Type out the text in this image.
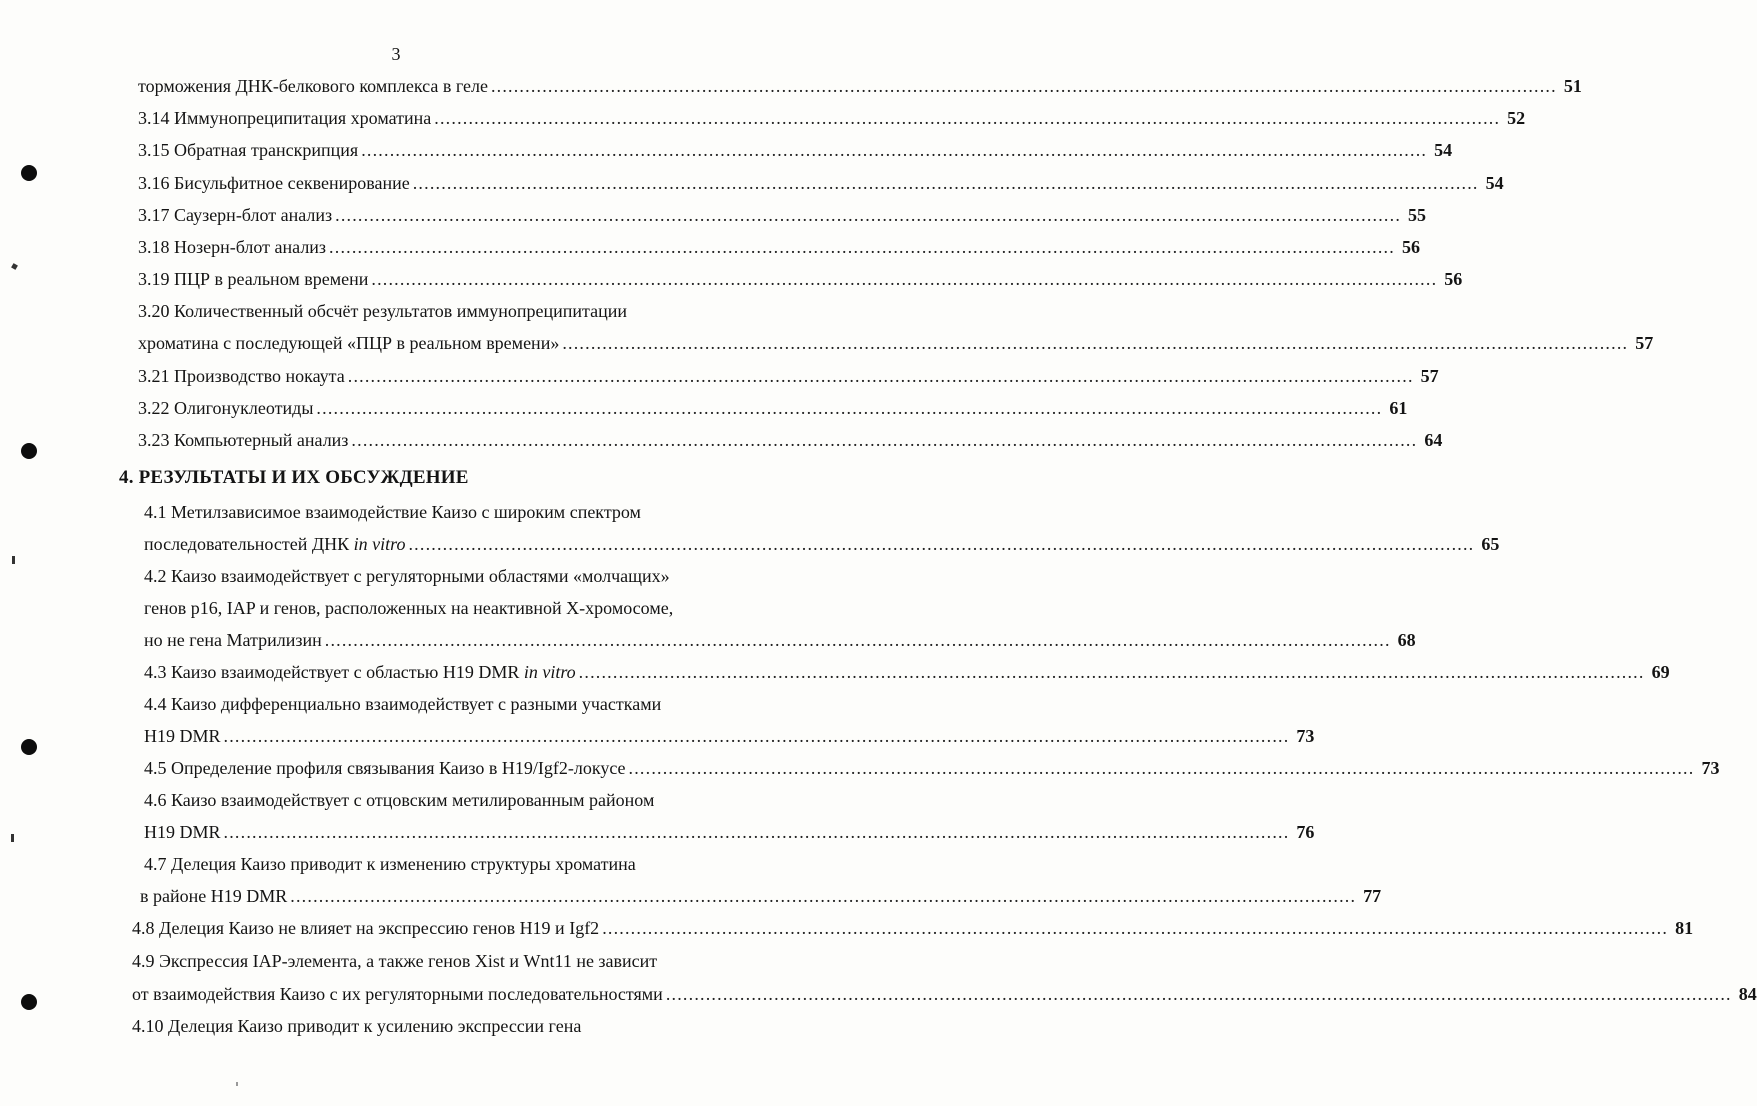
3
торможения ДНК-белкового комплекса в геле ........................................................................................................................................................................................... 51
3.14 Иммунопреципитация хроматина ........................................................................................................................................................................................... 52
3.15 Обратная транскрипция ........................................................................................................................................................................................... 54
3.16 Бисульфитное секвенирование ........................................................................................................................................................................................... 54
3.17 Саузерн-блот анализ ........................................................................................................................................................................................... 55
3.18 Нозерн-блот анализ ........................................................................................................................................................................................... 56
3.19 ПЦР в реальном времени ........................................................................................................................................................................................... 56
3.20 Количественный обсчёт результатов иммунопреципитации
хроматина с последующей «ПЦР в реальном времени» ........................................................................................................................................................................................... 57
3.21 Производство нокаута ........................................................................................................................................................................................... 57
3.22 Олигонуклеотиды ........................................................................................................................................................................................... 61
3.23 Компьютерный анализ ........................................................................................................................................................................................... 64
4. РЕЗУЛЬТАТЫ И ИХ ОБСУЖДЕНИЕ
4.1 Метилзависимое взаимодействие Каизо с широким спектром
последовательностей ДНК in vitro ........................................................................................................................................................................................... 65
4.2 Каизо взаимодействует с регуляторными областями «молчащих»
генов p16, IAP и генов, расположенных на неактивной Х-хромосоме,
но не гена Матрилизин ........................................................................................................................................................................................... 68
4.3 Каизо взаимодействует с областью H19 DMR in vitro ........................................................................................................................................................................................... 69
4.4 Каизо дифференциально взаимодействует с разными участками
H19 DMR ........................................................................................................................................................................................... 73
4.5 Определение профиля связывания Каизо в H19/Igf2-локусе ........................................................................................................................................................................................... 73
4.6 Каизо взаимодействует с отцовским метилированным районом
H19 DMR ........................................................................................................................................................................................... 76
4.7 Делеция Каизо приводит к изменению структуры хроматина
в районе H19 DMR ........................................................................................................................................................................................... 77
4.8 Делеция Каизо не влияет на экспрессию генов H19 и Igf2 ........................................................................................................................................................................................... 81
4.9 Экспрессия IAP-элемента, а также генов Xist и Wnt11 не зависит
от взаимодействия Каизо с их регуляторными последовательностями ........................................................................................................................................................................................... 84
4.10 Делеция Каизо приводит к усилению экспрессии гена
